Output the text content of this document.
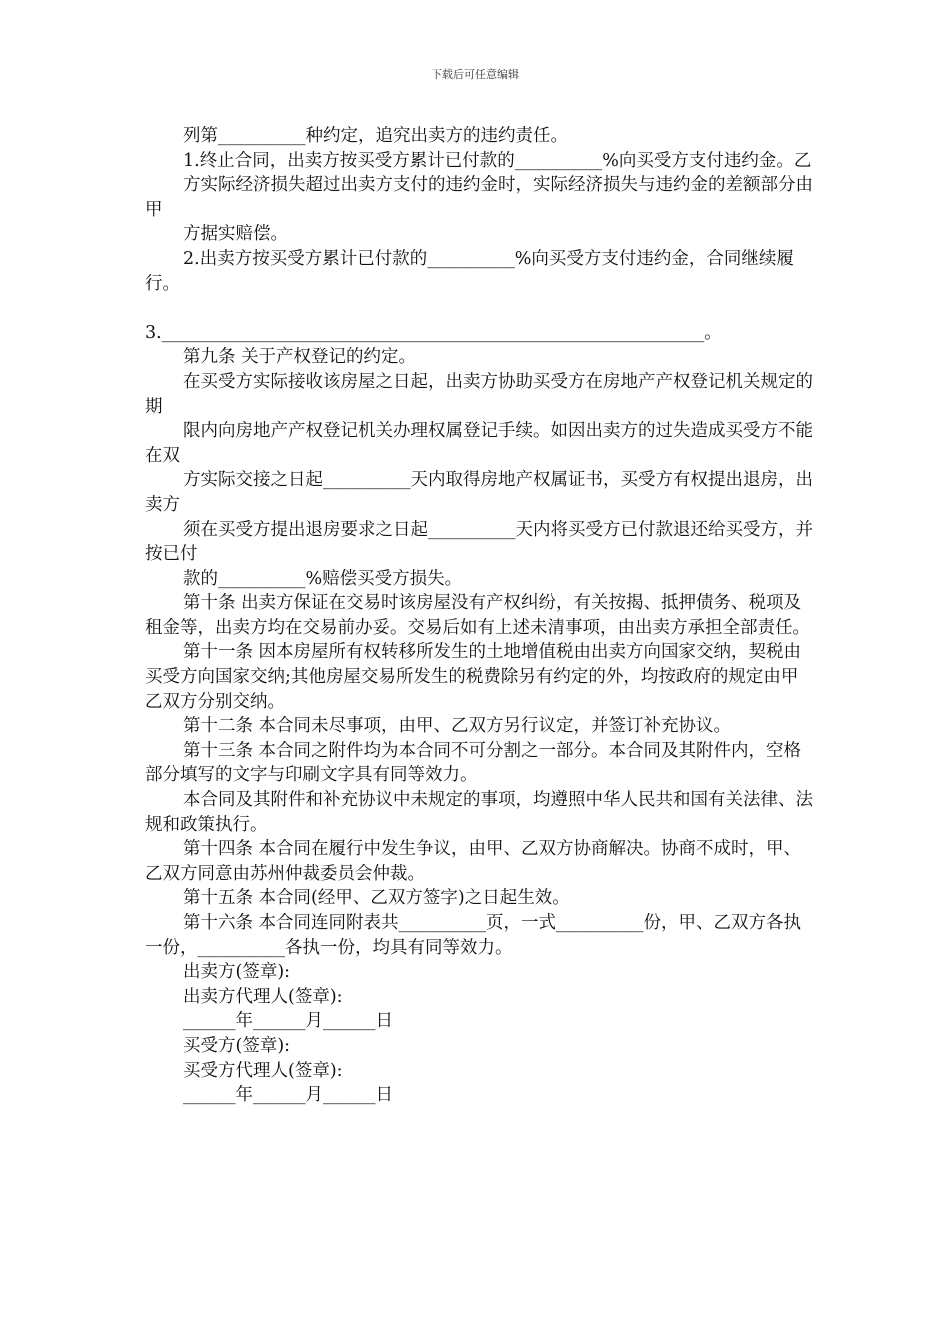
下载后可任意编辑

列第__________种约定，追究出卖方的违约责任。

1.终止合同，出卖方按买受方累计已付款的__________%向买受方支付违约金。乙

方实际经济损失超过出卖方支付的违约金时，实际经济损失与违约金的差额部分由甲

方据实赔偿。

2.出卖方按买受方累计已付款的__________%向买受方支付违约金，合同继续履行。

3.______________________________________________________________。

第九条 关于产权登记的约定。

在买受方实际接收该房屋之日起，出卖方协助买受方在房地产产权登记机关规定的期

限内向房地产产权登记机关办理权属登记手续。如因出卖方的过失造成买受方不能在双

方实际交接之日起__________天内取得房地产权属证书，买受方有权提出退房，出卖方

须在买受方提出退房要求之日起__________天内将买受方已付款退还给买受方，并按已付

款的__________%赔偿买受方损失。

第十条 出卖方保证在交易时该房屋没有产权纠纷，有关按揭、抵押债务、税项及租金等，出卖方均在交易前办妥。交易后如有上述未清事项，由出卖方承担全部责任。

第十一条 因本房屋所有权转移所发生的土地增值税由出卖方向国家交纳，契税由买受方向国家交纳;其他房屋交易所发生的税费除另有约定的外，均按政府的规定由甲乙双方分别交纳。

第十二条 本合同未尽事项，由甲、乙双方另行议定，并签订补充协议。

第十三条 本合同之附件均为本合同不可分割之一部分。本合同及其附件内，空格部分填写的文字与印刷文字具有同等效力。

本合同及其附件和补充协议中未规定的事项，均遵照中华人民共和国有关法律、法规和政策执行。

第十四条 本合同在履行中发生争议，由甲、乙双方协商解决。协商不成时，甲、乙双方同意由苏州仲裁委员会仲裁。

第十五条 本合同(经甲、乙双方签字)之日起生效。

第十六条 本合同连同附表共__________页，一式__________份，甲、乙双方各执一份，__________各执一份，均具有同等效力。

出卖方(签章):

出卖方代理人(签章):

______年______月______日

买受方(签章):

买受方代理人(签章):

______年______月______日
